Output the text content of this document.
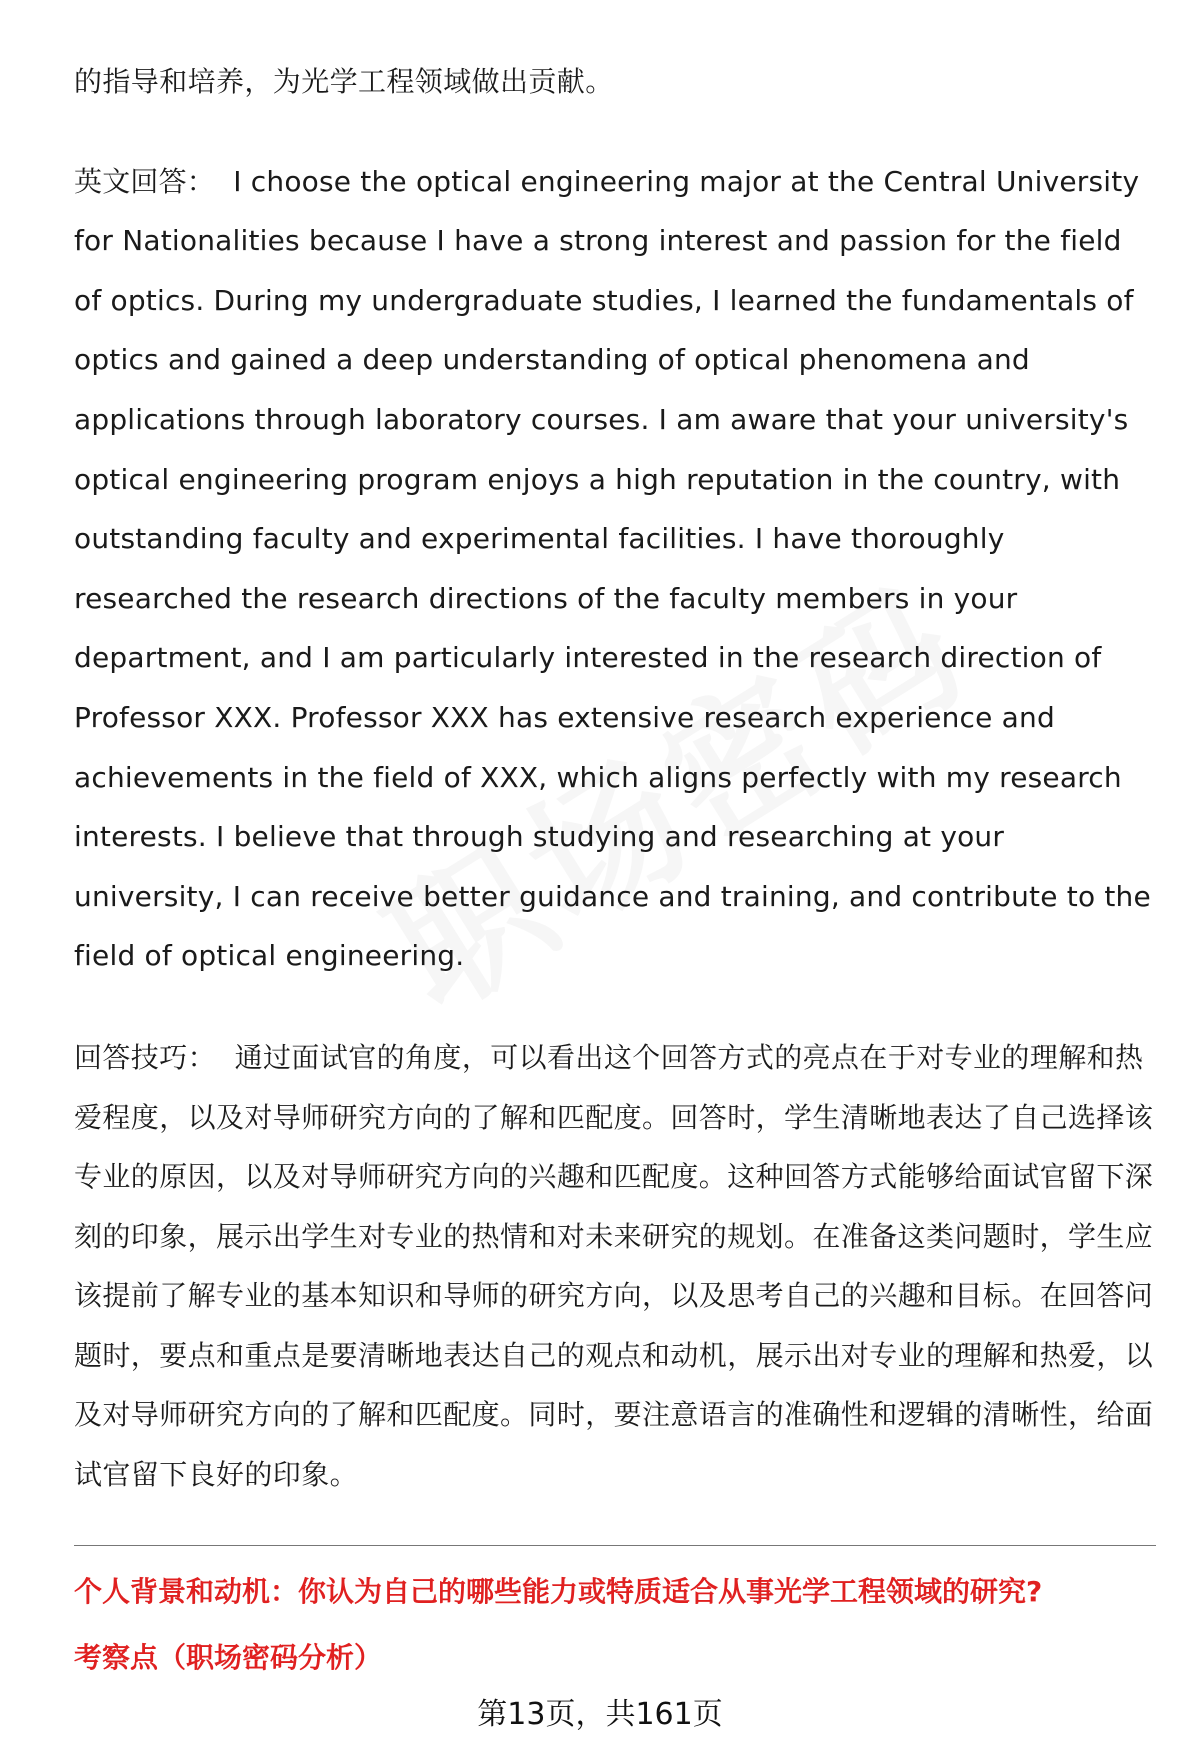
的指导和培养，为光学工程领域做出贡献。

英文回答： I choose the optical engineering major at the Central University for Nationalities because I have a strong interest and passion for the field of optics. During my undergraduate studies, I learned the fundamentals of optics and gained a deep understanding of optical phenomena and applications through laboratory courses. I am aware that your university's optical engineering program enjoys a high reputation in the country, with outstanding faculty and experimental facilities. I have thoroughly researched the research directions of the faculty members in your department, and I am particularly interested in the research direction of Professor XXX. Professor XXX has extensive research experience and achievements in the field of XXX, which aligns perfectly with my research interests. I believe that through studying and researching at your university, I can receive better guidance and training, and contribute to the field of optical engineering.

回答技巧： 通过面试官的角度，可以看出这个回答方式的亮点在于对专业的理解和热爱程度，以及对导师研究方向的了解和匹配度。回答时，学生清晰地表达了自己选择该专业的原因，以及对导师研究方向的兴趣和匹配度。这种回答方式能够给面试官留下深刻的印象，展示出学生对专业的热情和对未来研究的规划。在准备这类问题时，学生应该提前了解专业的基本知识和导师的研究方向，以及思考自己的兴趣和目标。在回答问题时，要点和重点是要清晰地表达自己的观点和动机，展示出对专业的理解和热爱，以及对导师研究方向的了解和匹配度。同时，要注意语言的准确性和逻辑的清晰性，给面试官留下良好的印象。

个人背景和动机：你认为自己的哪些能力或特质适合从事光学工程领域的研究?

考察点（职场密码分析）

第13页，共161页
